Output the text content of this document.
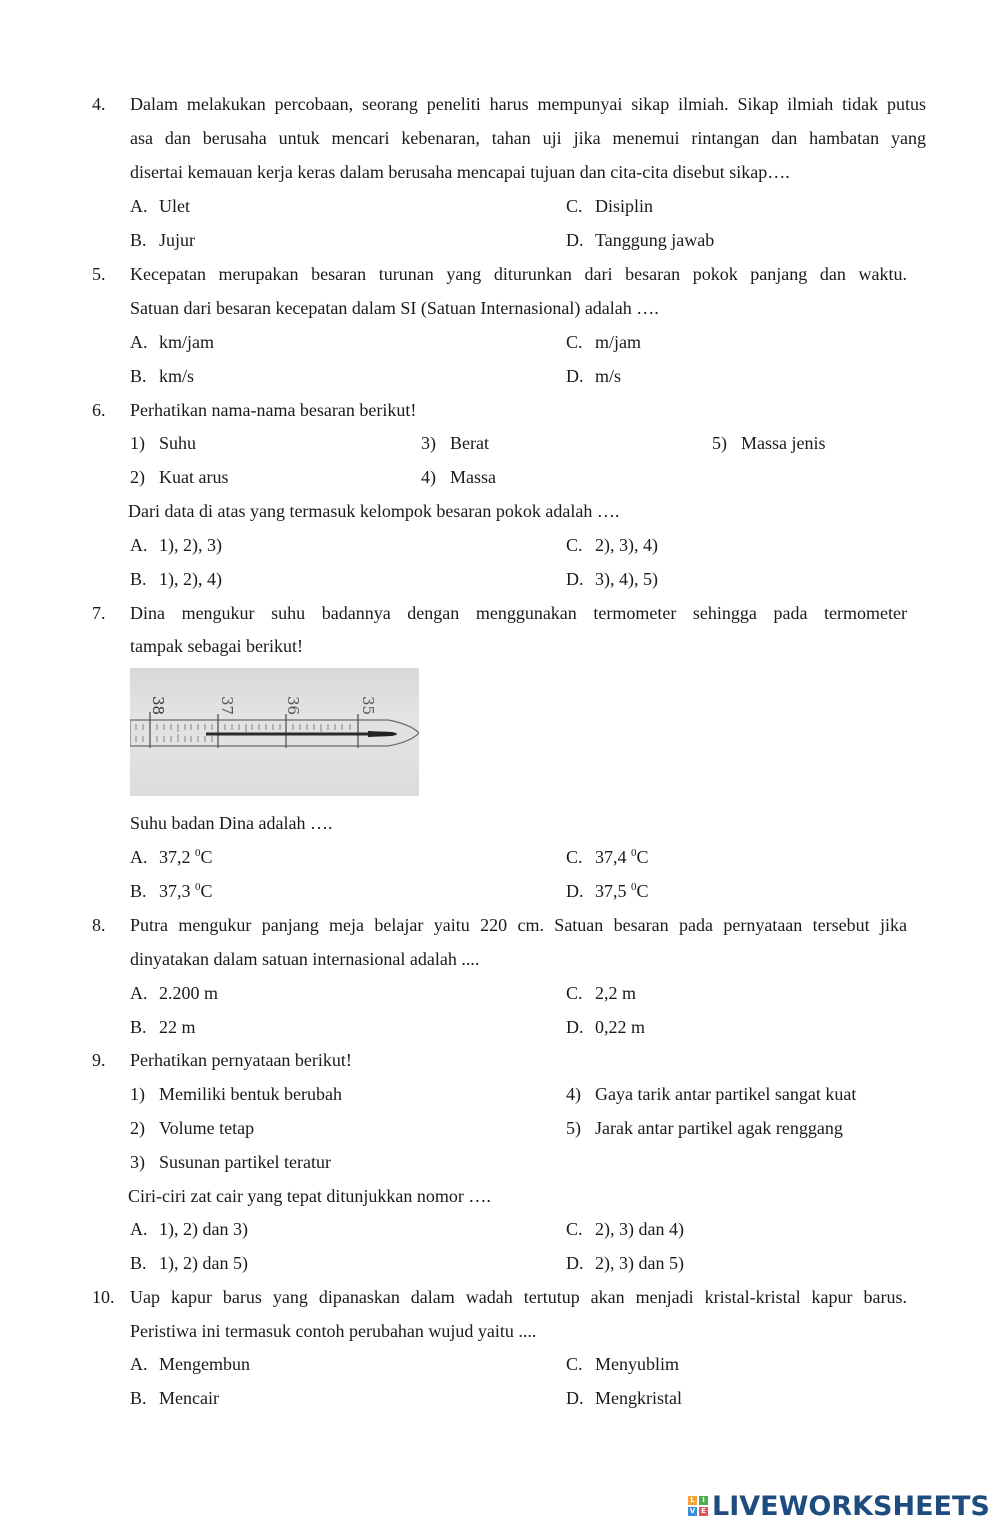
4. Dalam melakukan percobaan, seorang peneliti harus mempunyai sikap ilmiah. Sikap ilmiah tidak putus
asa dan berusaha untuk mencari kebenaran, tahan uji jika menemui rintangan dan hambatan yang
disertai kemauan kerja keras dalam berusaha mencapai tujuan dan cita-cita disebut sikap….
A. Ulet	C. Disiplin
B. Jujur	D. Tanggung jawab
5. Kecepatan merupakan besaran turunan yang diturunkan dari besaran pokok panjang dan waktu.
Satuan dari besaran kecepatan dalam SI (Satuan Internasional) adalah ….
A. km/jam	C. m/jam
B. km/s	D. m/s
6. Perhatikan nama-nama besaran berikut!
1) Suhu	3) Berat	5) Massa jenis
2) Kuat arus	4) Massa
Dari data di atas yang termasuk kelompok besaran pokok adalah ….
A. 1), 2), 3)	C. 2), 3), 4)
B. 1), 2), 4)	D. 3), 4), 5)
7. Dina mengukur suhu badannya dengan menggunakan termometer sehingga pada termometer
tampak sebagai berikut!
38	37	36	35
Suhu badan Dina adalah ….
A. 37,2 $^0$C	C. 37,4 $^0$C
B. 37,3 $^0$C	D. 37,5 $^0$C
8. Putra mengukur panjang meja belajar yaitu 220 cm. Satuan besaran pada pernyataan tersebut jika
dinyatakan dalam satuan internasional adalah ....
A. 2.200 m	C. 2,2 m
B. 22 m	D. 0,22 m
9. Perhatikan pernyataan berikut!
1) Memiliki bentuk berubah	4) Gaya tarik antar partikel sangat kuat
2) Volume tetap	5) Jarak antar partikel agak renggang
3) Susunan partikel teratur
Ciri-ciri zat cair yang tepat ditunjukkan nomor ….
A. 1), 2) dan 3)	C. 2), 3) dan 4)
B. 1), 2) dan 5)	D. 2), 3) dan 5)
10. Uap kapur barus yang dipanaskan dalam wadah tertutup akan menjadi kristal-kristal kapur barus.
Peristiwa ini termasuk contoh perubahan wujud yaitu ....
A. Mengembun	C. Menyublim
B. Mencair	D. Mengkristal
L	I
V E LIVEWORKSHEETS
